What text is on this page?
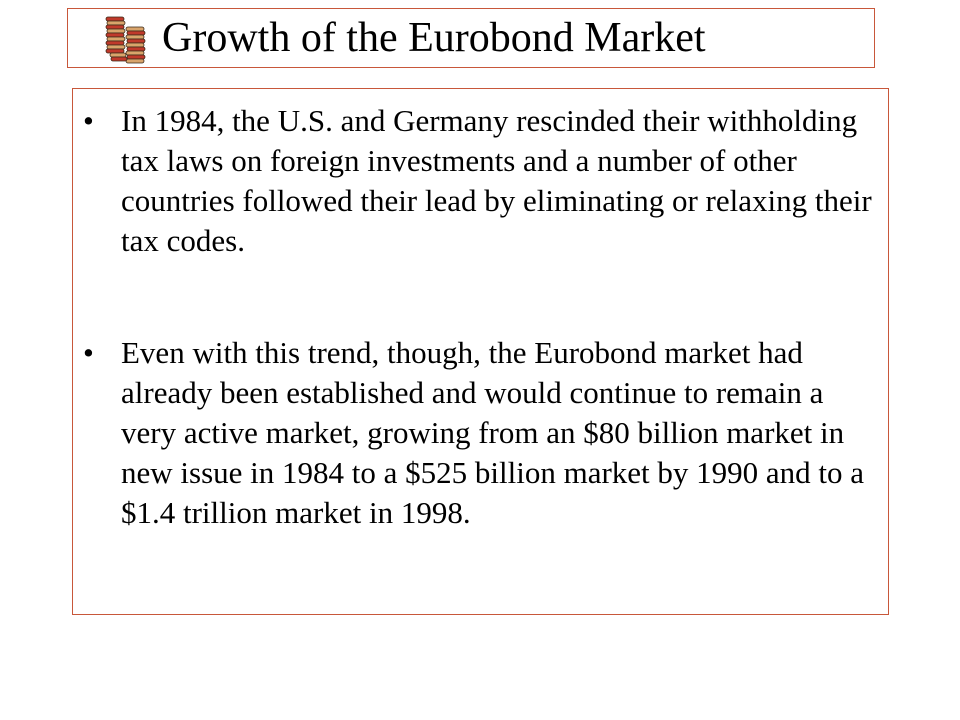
Growth of the Eurobond Market
• In 1984, the U.S. and Germany rescinded their withholding tax laws on foreign investments and a number of other countries followed their lead by eliminating or relaxing their tax codes.
• Even with this trend, though, the Eurobond market had already been established and would continue to remain a very active market, growing from an $80 billion market in new issue in 1984 to a $525 billion market by 1990 and to a $1.4 trillion market in 1998.
